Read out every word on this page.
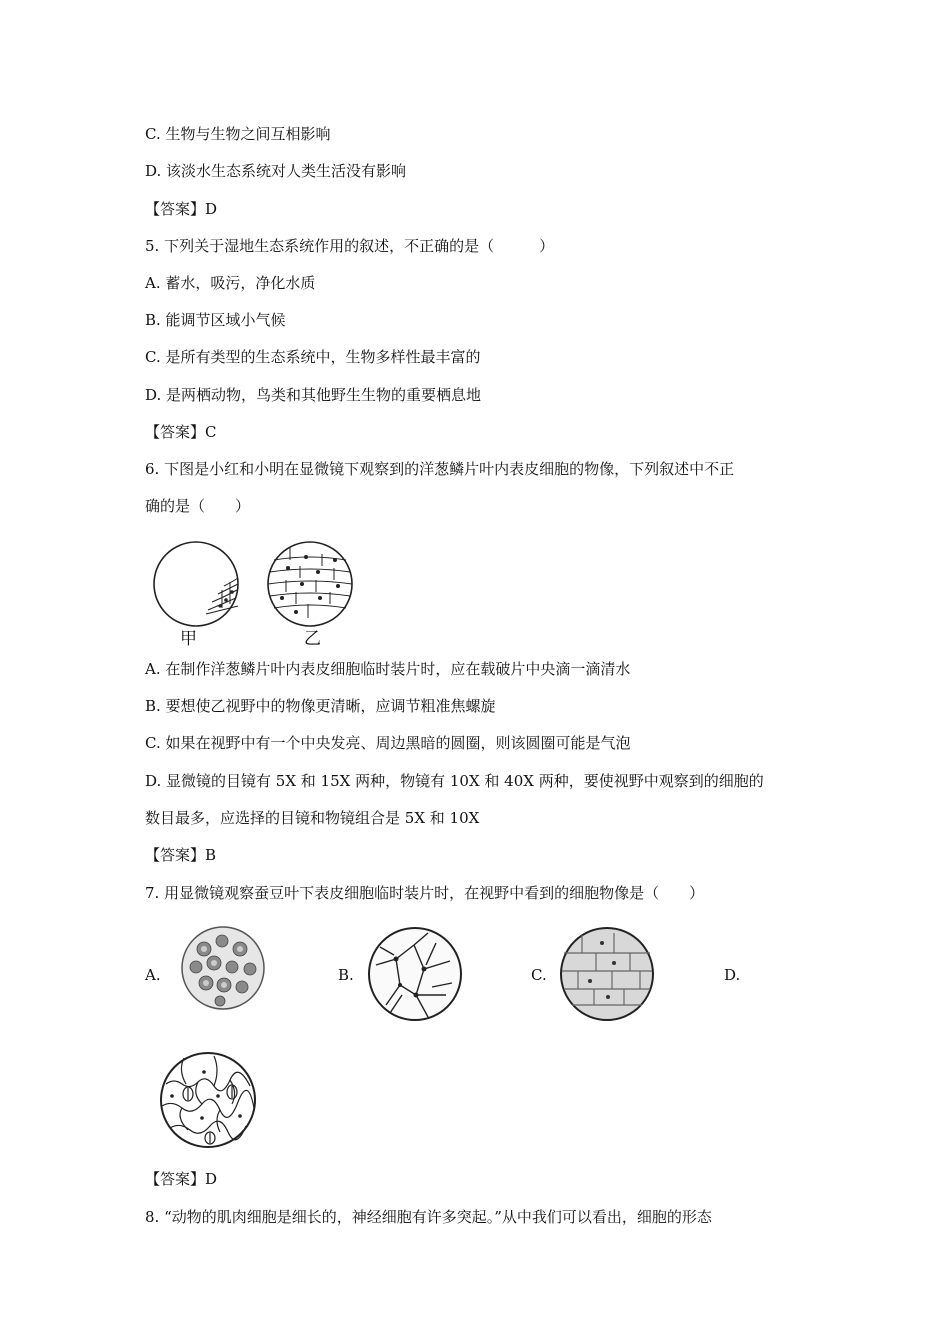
C. 生物与生物之间互相影响
D. 该淡水生态系统对人类生活没有影响
【答案】D
5. 下列关于湿地生态系统作用的叙述，不正确的是（　　　）
A. 蓄水，吸污，净化水质
B. 能调节区域小气候
C. 是所有类型的生态系统中，生物多样性最丰富的
D. 是两栖动物，鸟类和其他野生生物的重要栖息地
【答案】C
6. 下图是小红和小明在显微镜下观察到的洋葱鳞片叶内表皮细胞的物像，下列叙述中不正
确的是（　　）
甲	乙
A. 在制作洋葱鳞片叶内表皮细胞临时装片时，应在载破片中央滴一滴清水
B. 要想使乙视野中的物像更清晰，应调节粗准焦螺旋
C. 如果在视野中有一个中央发亮、周边黑暗的圆圈，则该圆圈可能是气泡
D. 显微镜的目镜有 5X 和 15X 两种，物镜有 10X 和 40X 两种，要使视野中观察到的细胞的
数目最多，应选择的目镜和物镜组合是 5X 和 10X
【答案】B
7. 用显微镜观察蚕豆叶下表皮细胞临时装片时，在视野中看到的细胞物像是（　　）
A.	B.	C.	D.
【答案】D
8. “动物的肌肉细胞是细长的，神经细胞有许多突起。”从中我们可以看出，细胞的形态
